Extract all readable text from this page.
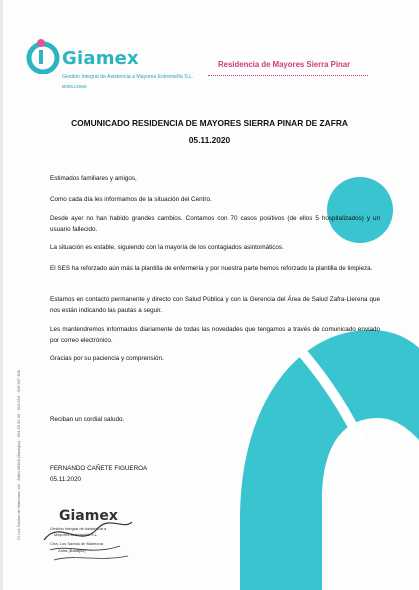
Giamex
Gestión Integral de Asistencia a Mayores Extremeña S.L.
B06514980
Residencia de Mayores Sierra Pinar
C/ Los Santos de Maimona, s/n · Zafra 06300 (Badajoz) · 924 55 32 00 · 924 554 · 926 997 305
COMUNICADO RESIDENCIA DE MAYORES SIERRA PINAR DE ZAFRA
05.11.2020
Estimados familiares y amigos,
Como cada día les informamos de la situación del Centro.
Desde ayer no han habido grandes cambios. Contamos con 70 casos positivos (de ellos 5 hospitalizados) y un usuario fallecido.
La situación es estable, siguiendo con la mayoría de los contagiados asintomáticos.
El SES ha reforzado aún más la plantilla de enfermería y por nuestra parte hemos reforzado la plantilla de limpieza.
Estamos en contacto permanente y directo con Salud Pública y con la Gerencia del Área de Salud Zafra-Llerena que nos están indicando las pautas a seguir.
Les mantendremos informados diariamente de todas las novedades que tengamos a través de comunicado enviado por correo electrónico.
Gracias por su paciencia y comprensión.
Reciban un cordial saludo.
FERNANDO CAÑETE FIGUEROA
05.11.2020
Giamex
Gestión Integral de Asistencia a
Mayores Extremeña S.L.
Ctra. Los Santos de Maimona
Zafra (Badajoz)
